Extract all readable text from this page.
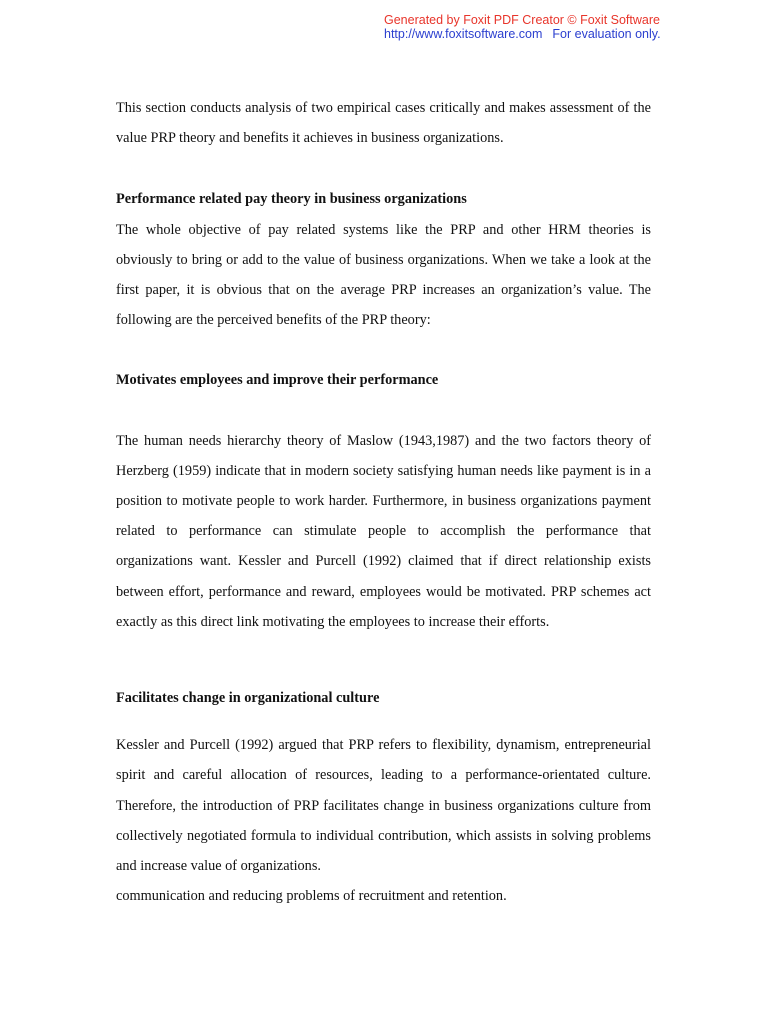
Generated by Foxit PDF Creator © Foxit Software
http://www.foxitsoftware.com For evaluation only.

This section conducts analysis of two empirical cases critically and makes assessment of the value PRP theory and benefits it achieves in business organizations.

Performance related pay theory in business organizations

The whole objective of pay related systems like the PRP and other HRM theories is obviously to bring or add to the value of business organizations. When we take a look at the first paper, it is obvious that on the average PRP increases an organization’s value. The following are the perceived benefits of the PRP theory:

Motivates employees and improve their performance

The human needs hierarchy theory of Maslow (1943,1987) and the two factors theory of Herzberg (1959) indicate that in modern society satisfying human needs like payment is in a position to motivate people to work harder. Furthermore, in business organizations payment related to performance can stimulate people to accomplish the performance that organizations want. Kessler and Purcell (1992) claimed that if direct relationship exists between effort, performance and reward, employees would be motivated. PRP schemes act exactly as this direct link motivating the employees to increase their efforts.

Facilitates change in organizational culture

Kessler and Purcell (1992) argued that PRP refers to flexibility, dynamism, entrepreneurial spirit and careful allocation of resources, leading to a performance-orientated culture. Therefore, the introduction of PRP facilitates change in business organizations culture from collectively negotiated formula to individual contribution, which assists in solving problems and increase value of organizations.

communication and reducing problems of recruitment and retention.
